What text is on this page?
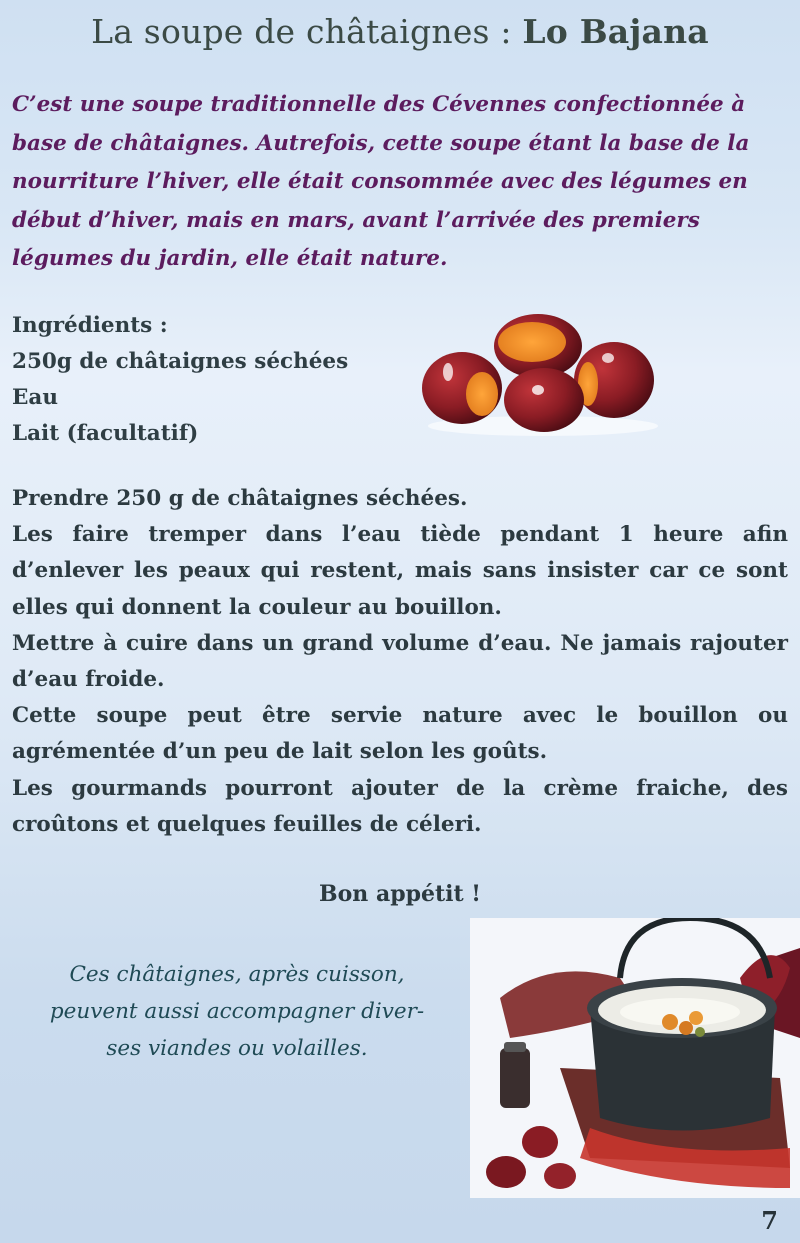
La soupe de châtaignes : Lo Bajana
C’est une soupe traditionnelle des Cévennes confectionnée à base de châtaignes. Autrefois, cette soupe étant la base de la nourriture l’hiver, elle était consommée avec des légumes en début d’hiver, mais en mars, avant l’arrivée des premiers légumes du jardin, elle était nature.
Ingrédients :
250g de châtaignes séchées
Eau
Lait (facultatif)

Prendre 250 g de châtaignes séchées.

Les faire tremper dans l’eau tiède pendant 1 heure afin d’enlever les peaux qui restent, mais sans insister car ce sont elles qui donnent la couleur au bouillon.

Mettre à cuire dans un grand volume d’eau. Ne jamais rajouter d’eau froide.

Cette soupe peut être servie nature avec le bouillon ou agrémentée d’un peu de lait selon les goûts.

Les gourmands pourront ajouter de la crème fraiche, des croûtons et quelques feuilles de céleri.

Bon appétit !
Ces châtaignes, après cuisson,
peuvent aussi accompagner diver-
ses viandes ou volailles.
7
